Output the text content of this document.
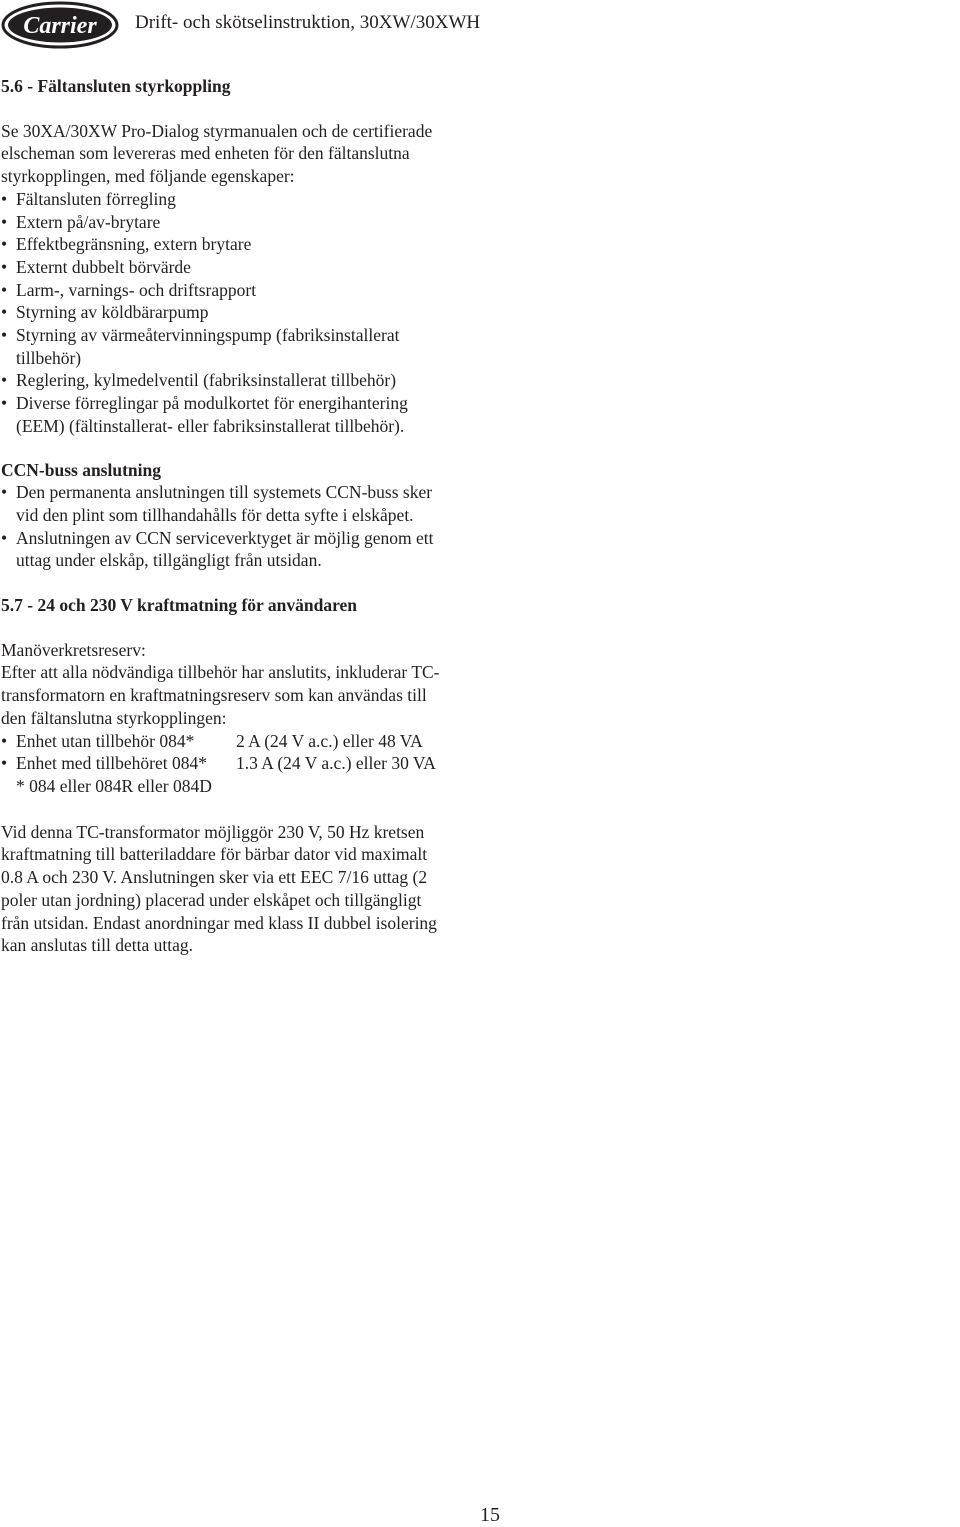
Carrier Drift- och skötselinstruktion, 30XW/30XWH
5.6 - Fältansluten styrkoppling

Se 30XA/30XW Pro-Dialog styrmanualen och de certifierade
elscheman som levereras med enheten för den fältanslutna
styrkopplingen, med följande egenskaper:

• Fältansluten förregling
• Extern på/av-brytare
• Effektbegränsning, extern brytare
• Externt dubbelt börvärde
• Larm-, varnings- och driftsrapport
• Styrning av köldbärarpump
• Styrning av värmeåtervinningspump (fabriksinstallerat
tillbehör)
• Reglering, kylmedelventil (fabriksinstallerat tillbehör)
• Diverse förreglingar på modulkortet för energihantering
(EEM) (fältinstallerat- eller fabriksinstallerat tillbehör).
CCN-buss anslutning
• Den permanenta anslutningen till systemets CCN-buss sker
vid den plint som tillhandahålls för detta syfte i elskåpet.
• Anslutningen av CCN serviceverktyget är möjlig genom ett
uttag under elskåp, tillgängligt från utsidan.
5.7 - 24 och 230 V kraftmatning för användaren

Manöverkretsreserv:

Efter att alla nödvändiga tillbehör har anslutits, inkluderar TC-
transformatorn en kraftmatningsreserv som kan användas till
den fältanslutna styrkopplingen:

• Enhet utan tillbehör 084* 2 A (24 V a.c.) eller 48 VA
• Enhet med tillbehöret 084* 1.3 A (24 V a.c.) eller 30 VA
* 084 eller 084R eller 084D

Vid denna TC-transformator möjliggör 230 V, 50 Hz kretsen
kraftmatning till batteriladdare för bärbar dator vid maximalt
0.8 A och 230 V. Anslutningen sker via ett EEC 7/16 uttag (2
poler utan jordning) placerad under elskåpet och tillgängligt
från utsidan. Endast anordningar med klass II dubbel isolering
kan anslutas till detta uttag.

15
